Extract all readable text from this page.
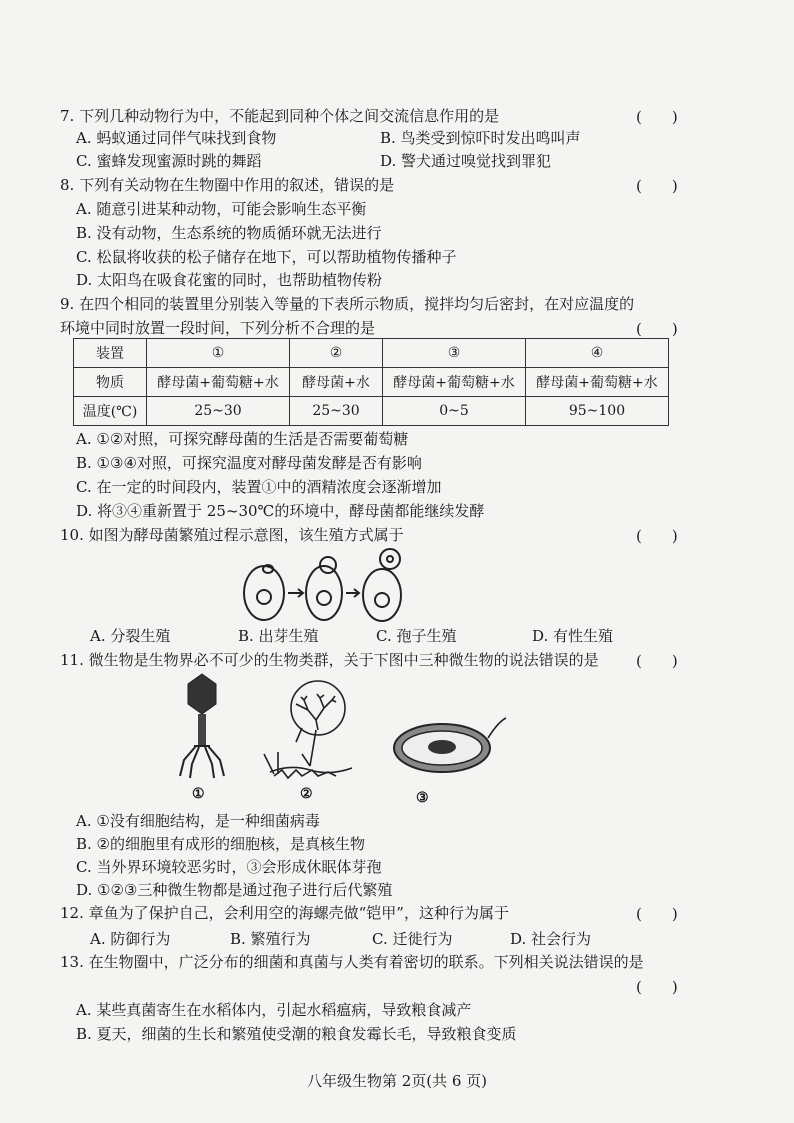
7. 下列几种动物行为中，不能起到同种个体之间交流信息作用的是	(　　)
A. 蚂蚁通过同伴气味找到食物	B. 鸟类受到惊吓时发出鸣叫声
C. 蜜蜂发现蜜源时跳的舞蹈	D. 警犬通过嗅觉找到罪犯
8. 下列有关动物在生物圈中作用的叙述，错误的是	(　　)
A. 随意引进某种动物，可能会影响生态平衡
B. 没有动物，生态系统的物质循环就无法进行
C. 松鼠将收获的松子储存在地下，可以帮助植物传播种子
D. 太阳鸟在吸食花蜜的同时，也帮助植物传粉
9. 在四个相同的装置里分别装入等量的下表所示物质，搅拌均匀后密封，在对应温度的
环境中同时放置一段时间，下列分析不合理的是	(　　)
装置	①	②	③	④
物质	酵母菌+葡萄糖+水	酵母菌+水	酵母菌+葡萄糖+水	酵母菌+葡萄糖+水
温度(℃)	25~30	25~30	0~5	95~100
A. ①②对照，可探究酵母菌的生活是否需要葡萄糖
B. ①③④对照，可探究温度对酵母菌发酵是否有影响
C. 在一定的时间段内，装置①中的酒精浓度会逐渐增加
D. 将③④重新置于 25~30℃的环境中，酵母菌都能继续发酵
10. 如图为酵母菌繁殖过程示意图，该生殖方式属于	(　　)
A. 分裂生殖	B. 出芽生殖	C. 孢子生殖	D. 有性生殖
11. 微生物是生物界必不可少的生物类群，关于下图中三种微生物的说法错误的是 (　　)
①	②	③
A. ①没有细胞结构，是一种细菌病毒
B. ②的细胞里有成形的细胞核，是真核生物
C. 当外界环境较恶劣时，③会形成休眠体芽孢
D. ①②③三种微生物都是通过孢子进行后代繁殖
12. 章鱼为了保护自己，会利用空的海螺壳做“铠甲”，这种行为属于	(　　)
A. 防御行为	B. 繁殖行为	C. 迁徙行为	D. 社会行为
13. 在生物圈中，广泛分布的细菌和真菌与人类有着密切的联系。下列相关说法错误的是
(　　)
A. 某些真菌寄生在水稻体内，引起水稻瘟病，导致粮食减产
B. 夏天，细菌的生长和繁殖使受潮的粮食发霉长毛，导致粮食变质
八年级生物第 2页(共 6 页)
